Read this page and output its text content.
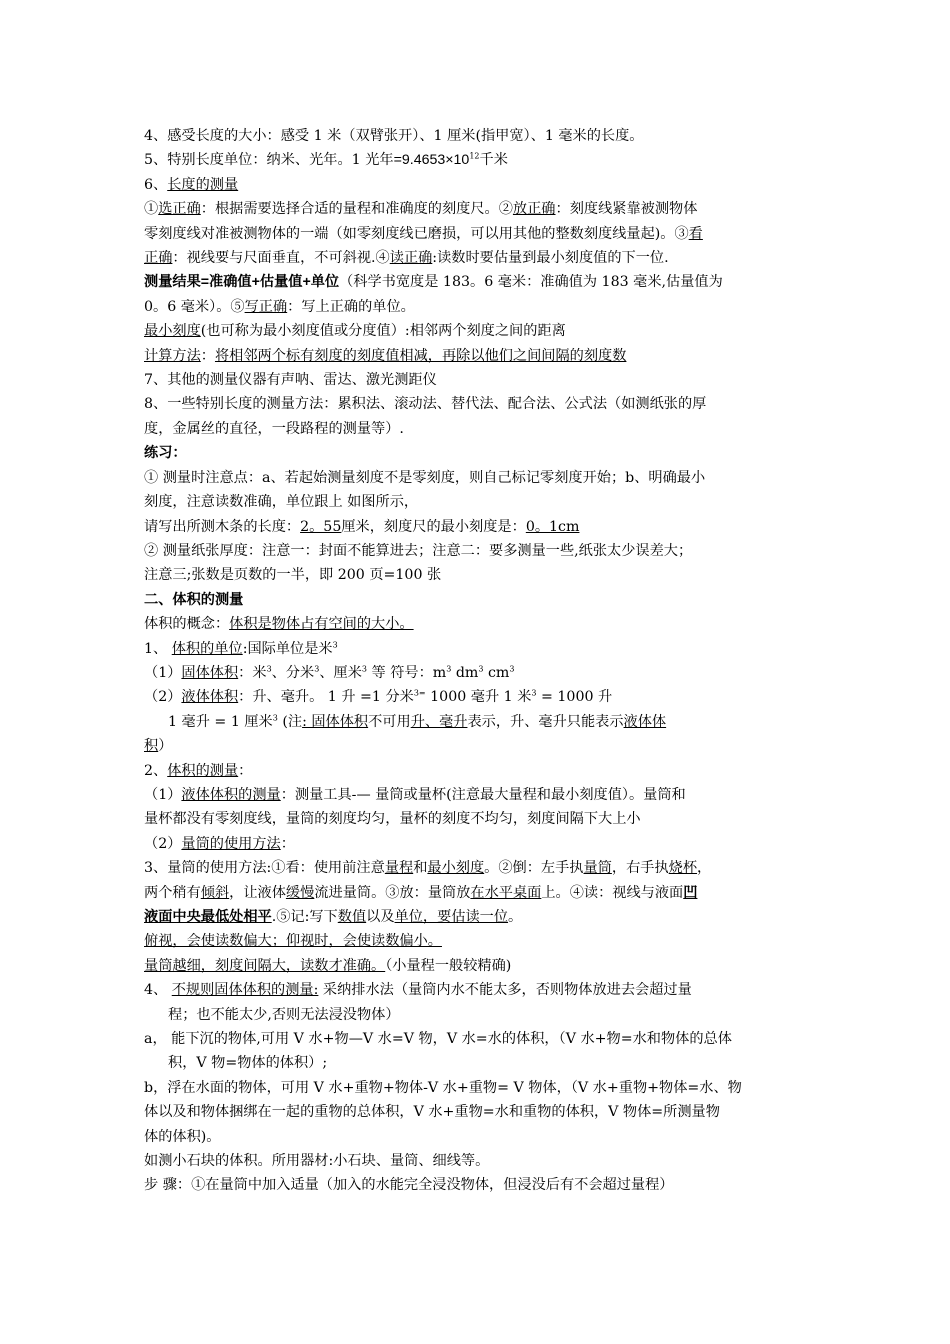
4、感受长度的大小：感受 1 米（双臂张开）、1 厘米(指甲宽）、1 毫米的长度。
5、特别长度单位：纳米、光年。1 光年$=9.4653\times 10^{12}$千米
6、长度的测量
①选正确：根据需要选择合适的量程和准确度的刻度尺。②放正确：刻度线紧靠被测物体
零刻度线对准被测物体的一端（如零刻度线已磨损，可以用其他的整数刻度线量起)。③看
正确：视线要与尺面垂直，不可斜视.④读正确:读数时要估量到最小刻度值的下一位.
测量结果=准确值+估量值+单位（科学书宽度是 183。6 毫米：准确值为 183 毫米,估量值为
0。6 毫米）。⑤写正确：写上正确的单位。
最小刻度(也可称为最小刻度值或分度值）:相邻两个刻度之间的距离
计算方法：将相邻两个标有刻度的刻度值相减，再除以他们之间间隔的刻度数
7、其他的测量仪器有声呐、雷达、激光测距仪
8、一些特别长度的测量方法：累积法、滚动法、替代法、配合法、公式法（如测纸张的厚
度，金属丝的直径，一段路程的测量等）.
练习：
① 测量时注意点：a、若起始测量刻度不是零刻度，则自己标记零刻度开始；b、明确最小
刻度，注意读数准确，单位跟上 如图所示，
请写出所测木条的长度：2。55厘米，刻度尺的最小刻度是：0。1cm
② 测量纸张厚度：注意一：封面不能算进去；注意二：要多测量一些,纸张太少误差大；
注意三;张数是页数的一半，即 200 页=100 张
二、体积的测量
体积的概念：体积是物体占有空间的大小。
1、 体积的单位:国际单位是米$^3$
（1）固体体积：米$^3$、分米$^3$、厘米$^3$ 等 符号：$m^3$ $dm^3$ $cm^3$
（2）液体体积：升、毫升。 1 升 =1 分米$^{3=}$ 1000 毫升 1 米$^3$ = 1000 升
1 毫升 = 1 厘米$^3$ (注: 固体体积不可用升、毫升表示，升、毫升只能表示液体体
积）
2、体积的测量：
（1）液体体积的测量：测量工具-— 量筒或量杯(注意最大量程和最小刻度值）。量筒和
量杯都没有零刻度线，量筒的刻度均匀，量杯的刻度不均匀，刻度间隔下大上小
（2）量筒的使用方法：
3、量筒的使用方法:①看：使用前注意量程和最小刻度。②倒：左手执量筒，右手执烧杯，
两个稍有倾斜，让液体缓慢流进量筒。③放：量筒放在水平桌面上。④读：视线与液面凹
液面中央最低处相平.⑤记:写下数值以及单位，要估读一位。
俯视，会使读数偏大；仰视时，会使读数偏小。
量筒越细，刻度间隔大，读数才准确。（小量程一般较精确)
4、 不规则固体体积的测量: 采纳排水法（量筒内水不能太多，否则物体放进去会超过量
程；也不能太少,否则无法浸没物体）
a， 能下沉的物体,可用 V 水+物—V 水=V 物，V 水=水的体积，（V 水+物=水和物体的总体
积，V 物=物体的体积）;
b，浮在水面的物体，可用 V 水+重物+物体-V 水+重物= V 物体，（V 水+重物+物体=水、物
体以及和物体捆绑在一起的重物的总体积，V 水+重物=水和重物的体积，V 物体=所测量物
体的体积)。
如测小石块的体积。所用器材:小石块、量筒、细线等。
步 骤：①在量筒中加入适量（加入的水能完全浸没物体，但浸没后有不会超过量程）
